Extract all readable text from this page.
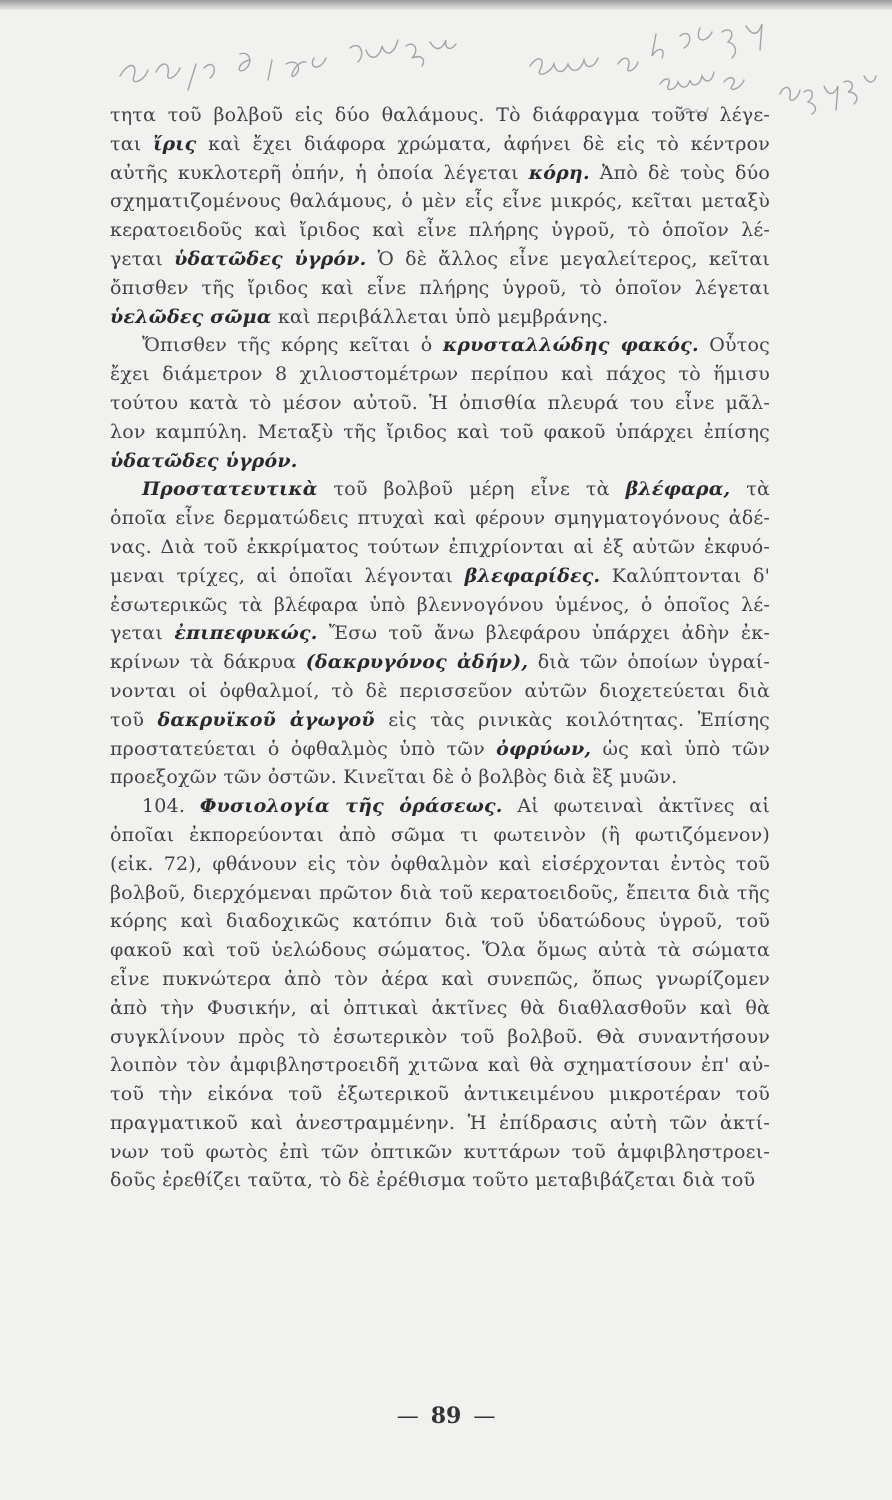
τητα τοῦ βολβοῦ εἰς δύο θαλάμους. Τὸ διάφραγμα τοῦτο λέγε-
ται ἴρις καὶ ἔχει διάφορα χρώματα, ἀφήνει δὲ εἰς τὸ κέντρον
αὐτῆς κυκλοτερῆ ὀπήν, ἡ ὁποία λέγεται κόρη. Ἀπὸ δὲ τοὺς δύο
σχηματιζομένους θαλάμους, ὁ μὲν εἷς εἶνε μικρός, κεῖται μεταξὺ
κερατοειδοῦς καὶ ἴριδος καὶ εἶνε πλήρης ὑγροῦ, τὸ ὁποῖον λέ-
γεται ὑδατῶδες ὑγρόν. Ὁ δὲ ἄλλος εἶνε μεγαλείτερος, κεῖται
ὄπισθεν τῆς ἴριδος καὶ εἶνε πλήρης ὑγροῦ, τὸ ὁποῖον λέγεται
ὑελῶδες σῶμα καὶ περιβάλλεται ὑπὸ μεμβράνης.
Ὄπισθεν τῆς κόρης κεῖται ὁ κρυσταλλώδης φακός. Οὗτος
ἔχει διάμετρον 8 χιλιοστομέτρων περίπου καὶ πάχος τὸ ἥμισυ
τούτου κατὰ τὸ μέσον αὐτοῦ. Ἡ ὀπισθία πλευρά του εἶνε μᾶλ-
λον καμπύλη. Μεταξὺ τῆς ἴριδος καὶ τοῦ φακοῦ ὑπάρχει ἐπίσης
ὑδατῶδες ὑγρόν.
Προστατευτικὰ τοῦ βολβοῦ μέρη εἶνε τὰ βλέφαρα, τὰ
ὁποῖα εἶνε δερματώδεις πτυχαὶ καὶ φέρουν σμηγματογόνους ἀδέ-
νας. Διὰ τοῦ ἐκκρίματος τούτων ἐπιχρίονται αἱ ἐξ αὐτῶν ἐκφυό-
μεναι τρίχες, αἱ ὁποῖαι λέγονται βλεφαρίδες. Καλύπτονται δ'
ἐσωτερικῶς τὰ βλέφαρα ὑπὸ βλεννογόνου ὑμένος, ὁ ὁποῖος λέ-
γεται ἐπιπεφυκώς. Ἔσω τοῦ ἄνω βλεφάρου ὑπάρχει ἀδὴν ἐκ-
κρίνων τὰ δάκρυα (δακρυγόνος ἀδήν), διὰ τῶν ὁποίων ὑγραί-
νονται οἱ ὀφθαλμοί, τὸ δὲ περισσεῦον αὐτῶν διοχετεύεται διὰ
τοῦ δακρυϊκοῦ ἀγωγοῦ εἰς τὰς ρινικὰς κοιλότητας. Ἐπίσης
προστατεύεται ὁ ὀφθαλμὸς ὑπὸ τῶν ὀφρύων, ὡς καὶ ὑπὸ τῶν
προεξοχῶν τῶν ὀστῶν. Κινεῖται δὲ ὁ βολβὸς διὰ ἓξ μυῶν.
104. Φυσιολογία τῆς ὁράσεως. Αἱ φωτειναὶ ἀκτῖνες αἱ
ὁποῖαι ἐκπορεύονται ἀπὸ σῶμα τι φωτεινὸν (ἢ φωτιζόμενον)
(εἰκ. 72), φθάνουν εἰς τὸν ὀφθαλμὸν καὶ εἰσέρχονται ἐντὸς τοῦ
βολβοῦ, διερχόμεναι πρῶτον διὰ τοῦ κερατοειδοῦς, ἔπειτα διὰ τῆς
κόρης καὶ διαδοχικῶς κατόπιν διὰ τοῦ ὑδατώδους ὑγροῦ, τοῦ
φακοῦ καὶ τοῦ ὑελώδους σώματος. Ὅλα ὅμως αὐτὰ τὰ σώματα
εἶνε πυκνώτερα ἀπὸ τὸν ἀέρα καὶ συνεπῶς, ὅπως γνωρίζομεν
ἀπὸ τὴν Φυσικήν, αἱ ὀπτικαὶ ἀκτῖνες θὰ διαθλασθοῦν καὶ θὰ
συγκλίνουν πρὸς τὸ ἐσωτερικὸν τοῦ βολβοῦ. Θὰ συναντήσουν
λοιπὸν τὸν ἀμφιβληστροειδῆ χιτῶνα καὶ θὰ σχηματίσουν ἐπ' αὐ-
τοῦ τὴν εἰκόνα τοῦ ἐξωτερικοῦ ἀντικειμένου μικροτέραν τοῦ
πραγματικοῦ καὶ ἀνεστραμμένην. Ἡ ἐπίδρασις αὐτὴ τῶν ἀκτί-
νων τοῦ φωτὸς ἐπὶ τῶν ὀπτικῶν κυττάρων τοῦ ἀμφιβληστροει-
δοῦς ἐρεθίζει ταῦτα, τὸ δὲ ἐρέθισμα τοῦτο μεταβιβάζεται διὰ τοῦ
— 89 —
